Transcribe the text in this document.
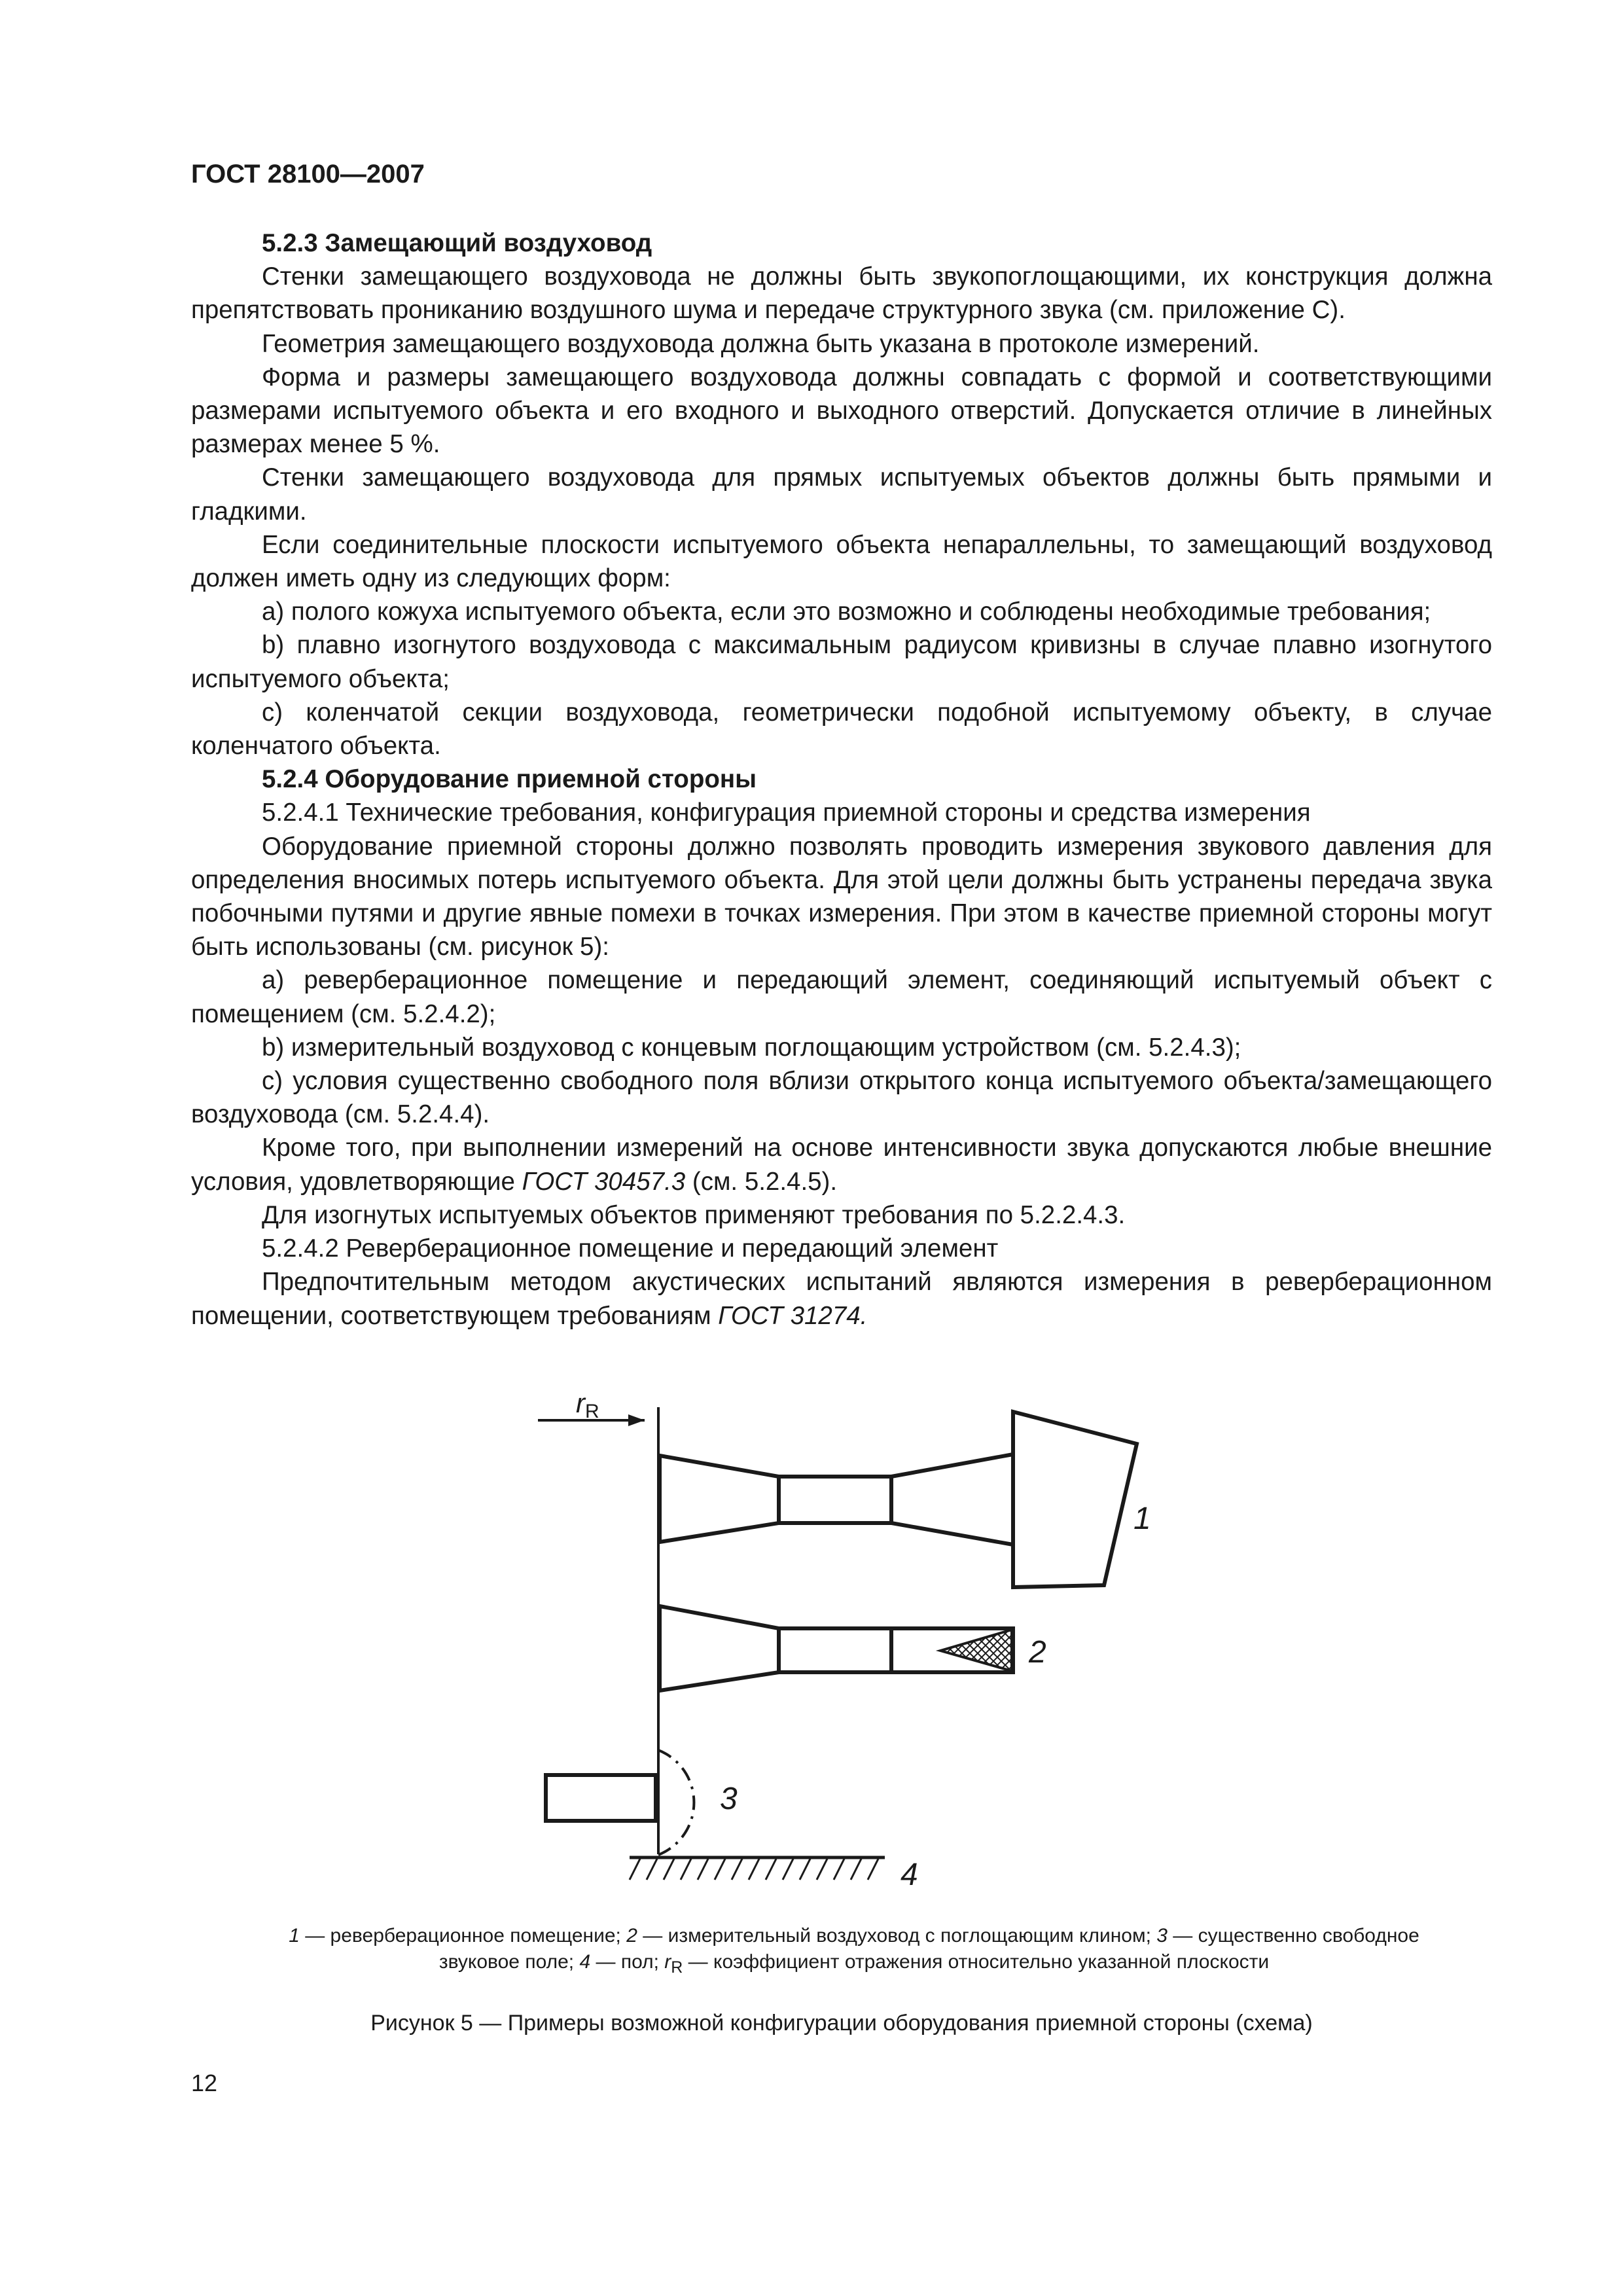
ГОСТ 28100—2007

5.2.3 Замещающий воздуховод

Стенки замещающего воздуховода не должны быть звукопоглощающими, их конструкция должна препятствовать прониканию воздушного шума и передаче структурного звука (см. приложение С).

Геометрия замещающего воздуховода должна быть указана в протоколе измерений.

Форма и размеры замещающего воздуховода должны совпадать с формой и соответствующими размерами испытуемого объекта и его входного и выходного отверстий. Допускается отличие в линейных размерах менее 5 %.

Стенки замещающего воздуховода для прямых испытуемых объектов должны быть прямыми и гладкими.

Если соединительные плоскости испытуемого объекта непараллельны, то замещающий воздуховод должен иметь одну из следующих форм:

a) полого кожуха испытуемого объекта, если это возможно и соблюдены необходимые требования;

b) плавно изогнутого воздуховода с максимальным радиусом кривизны в случае плавно изогнутого испытуемого объекта;

c) коленчатой секции воздуховода, геометрически подобной испытуемому объекту, в случае коленчатого объекта.

5.2.4 Оборудование приемной стороны

5.2.4.1 Технические требования, конфигурация приемной стороны и средства измерения

Оборудование приемной стороны должно позволять проводить измерения звукового давления для определения вносимых потерь испытуемого объекта. Для этой цели должны быть устранены передача звука побочными путями и другие явные помехи в точках измерения. При этом в качестве приемной стороны могут быть использованы (см. рисунок 5):

a) реверберационное помещение и передающий элемент, соединяющий испытуемый объект с помещением (см. 5.2.4.2);

b) измерительный воздуховод с концевым поглощающим устройством (см. 5.2.4.3);

c) условия существенно свободного поля вблизи открытого конца испытуемого объекта/замещающего воздуховода (см. 5.2.4.4).

Кроме того, при выполнении измерений на основе интенсивности звука допускаются любые внешние условия, удовлетворяющие ГОСТ 30457.3 (см. 5.2.4.5).

Для изогнутых испытуемых объектов применяют требования по 5.2.2.4.3.

5.2.4.2 Реверберационное помещение и передающий элемент

Предпочтительным методом акустических испытаний являются измерения в реверберационном помещении, соответствующем требованиям ГОСТ 31274.

rR
1
2
3
4
1 — реверберационное помещение; 2 — измерительный воздуховод с поглощающим клином; 3 — существенно свободное звуковое поле; 4 — пол; $r_R$ — коэффициент отражения относительно указанной плоскости
Рисунок 5 — Примеры возможной конфигурации оборудования приемной стороны (схема)
12
